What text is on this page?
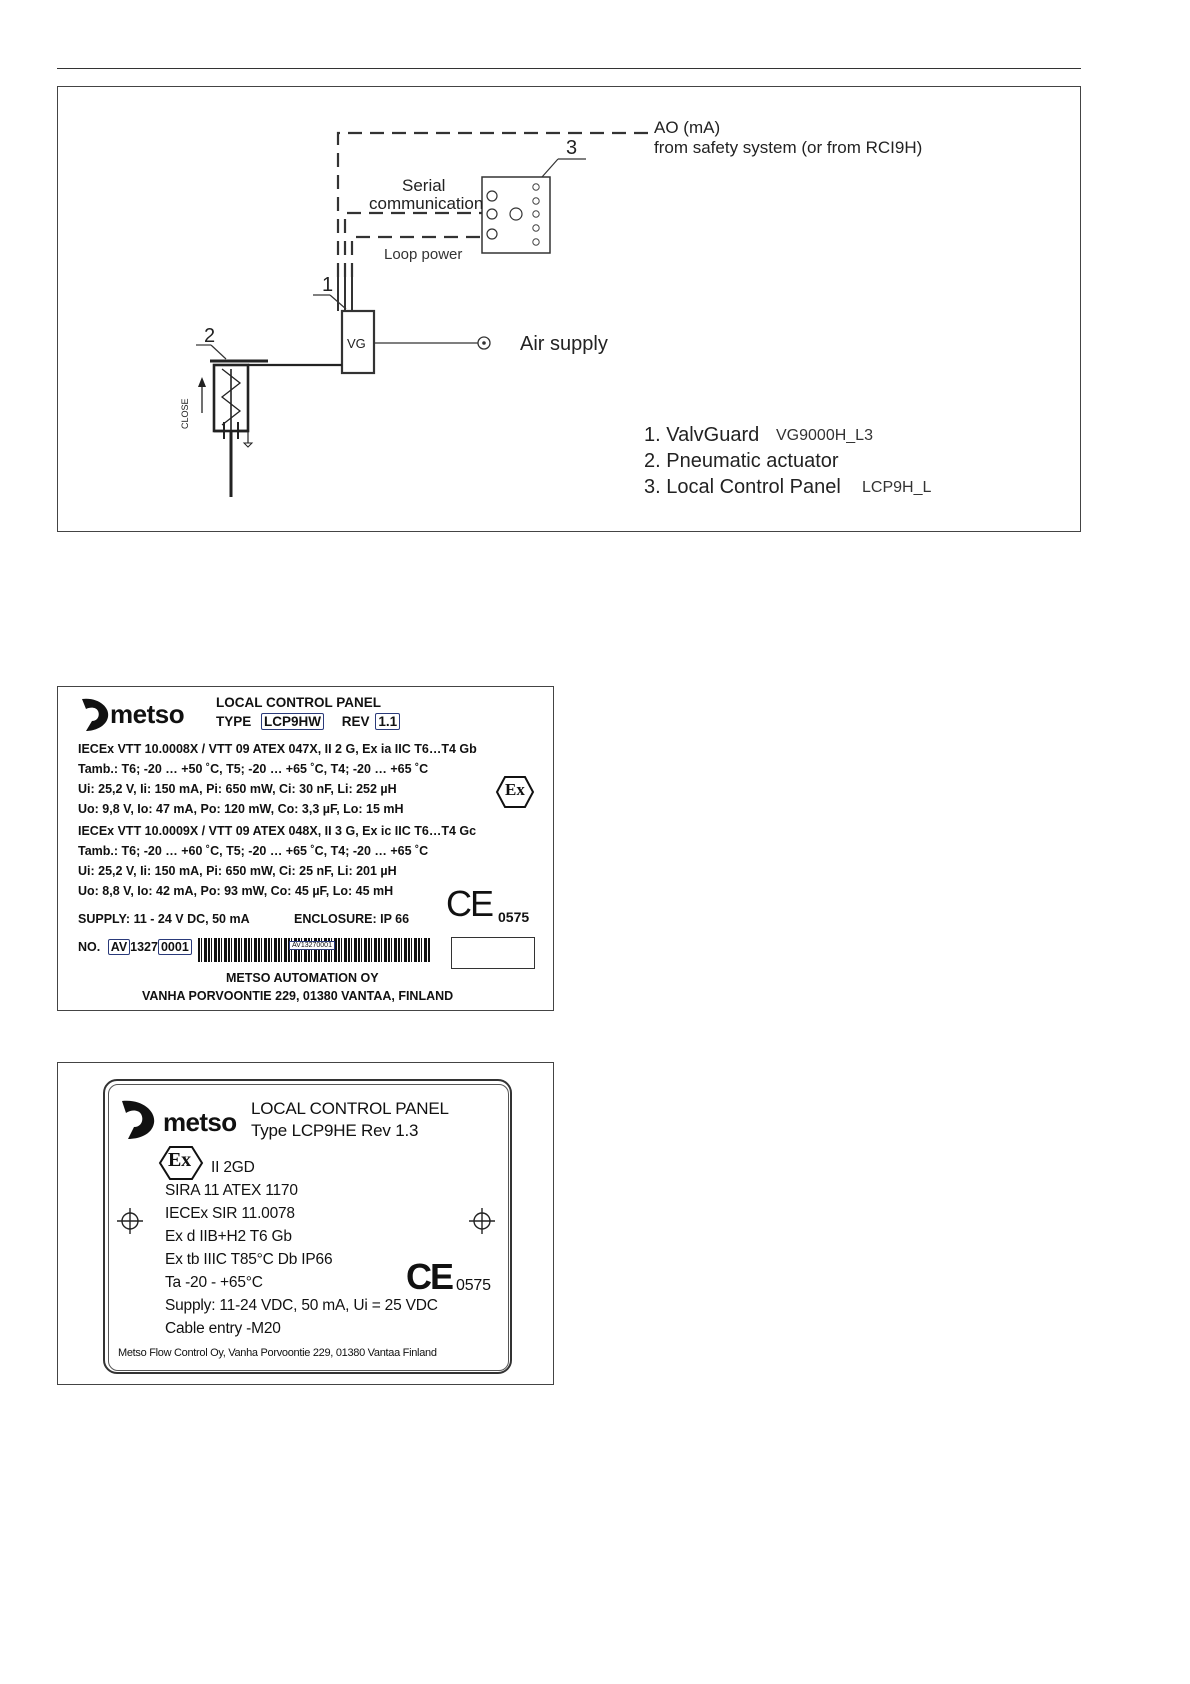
3
AO (mA)
from safety system (or from RCI9H)
Serial
communication
Loop power
VG
1
Air supply
CLOSE
2
1. ValvGuard VG9000H_L3
2. Pneumatic actuator
3. Local Control Panel LCP9H_L
metso LOCAL CONTROL PANEL
TYPE LCP9HW REV 1.1
IECEx VTT 10.0008X / VTT 09 ATEX 047X, II 2 G, Ex ia IIC T6…T4 Gb
Tamb.: T6; -20 … +50 ˚C, T5; -20 … +65 ˚C, T4; -20 … +65 ˚C
Ui: 25,2 V, Ii: 150 mA, Pi: 650 mW, Ci: 30 nF, Li: 252 µH
Uo: 9,8 V, Io: 47 mA, Po: 120 mW, Co: 3,3 µF, Lo: 15 mH
Ex
IECEx VTT 10.0009X / VTT 09 ATEX 048X, II 3 G, Ex ic IIC T6…T4 Gc
Tamb.: T6; -20 … +60 ˚C, T5; -20 … +65 ˚C, T4; -20 … +65 ˚C
Ui: 25,2 V, Ii: 150 mA, Pi: 650 mW, Ci: 25 nF, Li: 201 µH
Uo: 8,8 V, Io: 42 mA, Po: 93 mW, Co: 45 µF, Lo: 45 mH CE 0575
SUPPLY: 11 - 24 V DC, 50 mA	ENCLOSURE: IP 66
NO. AV 1327 0001	AV13270001
METSO AUTOMATION OY
VANHA PORVOONTIE 229, 01380 VANTAA, FINLAND
metso LOCAL CONTROL PANEL
Type LCP9HE Rev 1.3
Ex II 2GD
SIRA 11 ATEX 1170
IECEx SIR 11.0078
Ex d IIB+H2 T6 Gb
Ex tb IIIC T85°C Db IP66
Ta -20 - +65°C
Supply: 11-24 VDC, 50 mA, Ui = 25 VDC
Cable entry -M20
CE 0575
Metso Flow Control Oy, Vanha Porvoontie 229, 01380 Vantaa Finland
